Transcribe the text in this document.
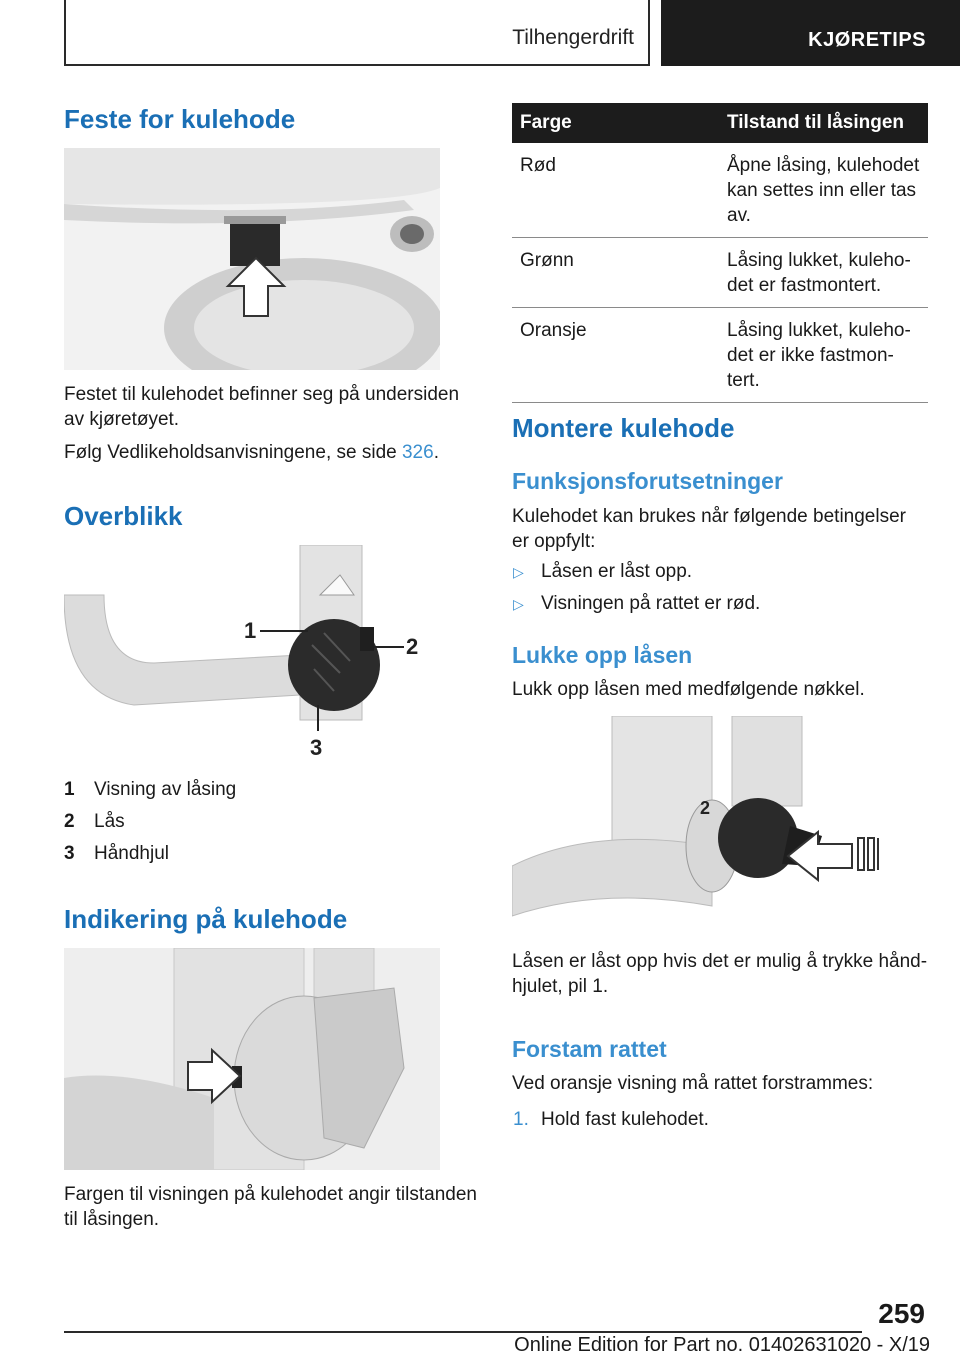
Tilhengerdrift	KJØRETIPS
Feste for kulehode
Festet til kulehodet befinner seg på undersiden av kjøretøyet.
Følg Vedlikeholdsanvisningene, se side 326.
Overblikk
1
2
3
1	Visning av låsing
2	Lås
3	Håndhjul
Indikering på kulehode
Fargen til visningen på kulehodet angir tilstanden til låsingen.
Farge	Tilstand til låsingen
Rød	Åpne låsing, kulehodet kan settes inn eller tas av.
Grønn	Låsing lukket, kuleho-det er fastmontert.
Oransje	Låsing lukket, kuleho-det er ikke fastmon-tert.
Montere kulehode
Funksjonsforutsetninger
Kulehodet kan brukes når følgende betingelser er oppfylt:
▷ Låsen er låst opp.
▷ Visningen på rattet er rød.
Lukke opp låsen
Lukk opp låsen med medfølgende nøkkel.
1
2
Låsen er låst opp hvis det er mulig å trykke hånd-hjulet, pil 1.
Forstam rattet
Ved oransje visning må rattet forstrammes:
1. Hold fast kulehodet.
259
Online Edition for Part no. 01402631020 - X/19
